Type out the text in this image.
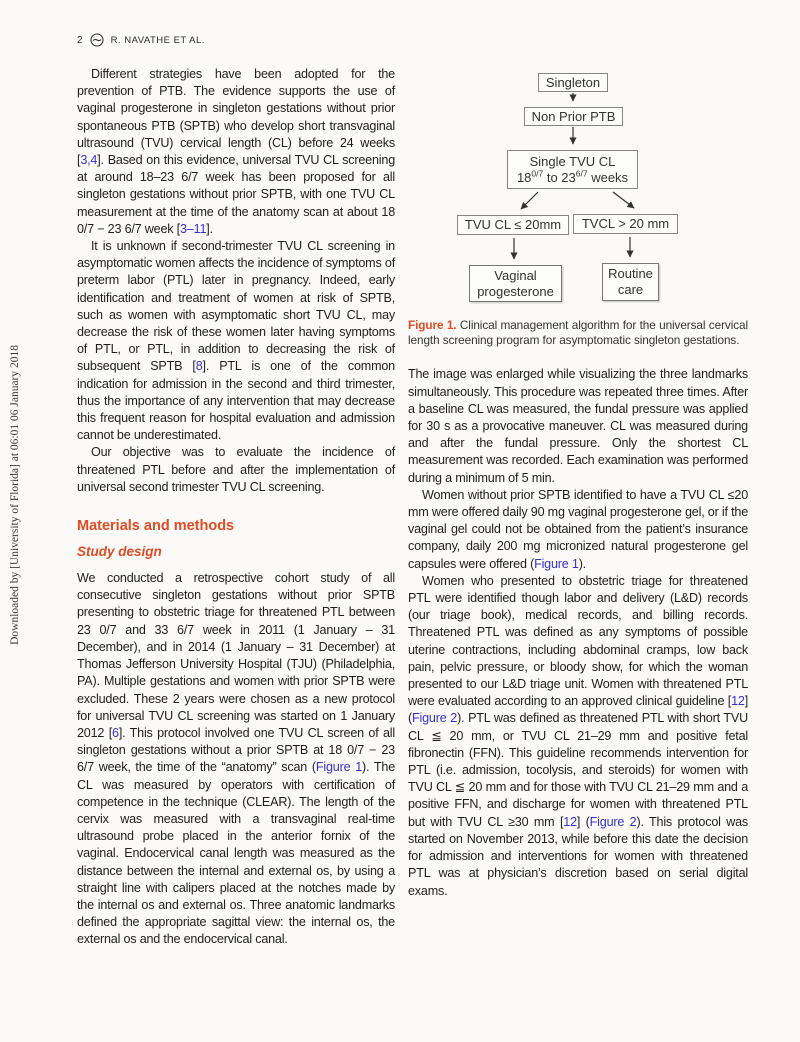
2	R. NAVATHE ET AL.
Downloaded by [University of Florida] at 06:01 06 January 2018

Different strategies have been adopted for the prevention of PTB. The evidence supports the use of vaginal progesterone in singleton gestations without prior spontaneous PTB (SPTB) who develop short transvaginal ultrasound (TVU) cervical length (CL) before 24 weeks [3,4]. Based on this evidence, universal TVU CL screening at around 18–23 6/7 week has been proposed for all singleton gestations without prior SPTB, with one TVU CL measurement at the time of the anatomy scan at about 18 0/7 − 23 6/7 week [3–11].

It is unknown if second-trimester TVU CL screening in asymptomatic women affects the incidence of symptoms of preterm labor (PTL) later in pregnancy. Indeed, early identification and treatment of women at risk of SPTB, such as women with asymptomatic short TVU CL, may decrease the risk of these women later having symptoms of PTL, or PTL, in addition to decreasing the risk of subsequent SPTB [8]. PTL is one of the common indication for admission in the second and third trimester, thus the importance of any intervention that may decrease this frequent reason for hospital evaluation and admission cannot be underestimated.

Our objective was to evaluate the incidence of threatened PTL before and after the implementation of universal second trimester TVU CL screening.

Materials and methods
Study design

We conducted a retrospective cohort study of all consecutive singleton gestations without prior SPTB presenting to obstetric triage for threatened PTL between 23 0/7 and 33 6/7 week in 2011 (1 January – 31 December), and in 2014 (1 January – 31 December) at Thomas Jefferson University Hospital (TJU) (Philadelphia, PA). Multiple gestations and women with prior SPTB were excluded. These 2 years were chosen as a new protocol for universal TVU CL screening was started on 1 January 2012 [6]. This protocol involved one TVU CL screen of all singleton gestations without a prior SPTB at 18 0/7 − 23 6/7 week, the time of the “anatomy” scan (Figure 1). The CL was measured by operators with certification of competence in the technique (CLEAR). The length of the cervix was measured with a transvaginal real-time ultrasound probe placed in the anterior fornix of the vaginal. Endocervical canal length was measured as the distance between the internal and external os, by using a straight line with calipers placed at the notches made by the internal os and external os. Three anatomic landmarks defined the appropriate sagittal view: the internal os, the external os and the endocervical canal.

Singleton
Non Prior PTB
Single TVU CL
$18^{0/7}$ to $23^{6/7}$ weeks
TVU CL ≤ 20mm TVCL > 20 mm
Vaginal
progesterone
Routine
care

Figure 1. Clinical management algorithm for the universal cervical length screening program for asymptomatic singleton gestations.

The image was enlarged while visualizing the three landmarks simultaneously. This procedure was repeated three times. After a baseline CL was measured, the fundal pressure was applied for 30 s as a provocative maneuver. CL was measured during and after the fundal pressure. Only the shortest CL measurement was recorded. Each examination was performed during a minimum of 5 min.

Women without prior SPTB identified to have a TVU CL ≤20 mm were offered daily 90 mg vaginal progesterone gel, or if the vaginal gel could not be obtained from the patient’s insurance company, daily 200 mg micronized natural progesterone gel capsules were offered (Figure 1).

Women who presented to obstetric triage for threatened PTL were identified though labor and delivery (L&D) records (our triage book), medical records, and billing records. Threatened PTL was defined as any symptoms of possible uterine contractions, including abdominal cramps, low back pain, pelvic pressure, or bloody show, for which the woman presented to our L&D triage unit. Women with threatened PTL were evaluated according to an approved clinical guideline [12] (Figure 2). PTL was defined as threatened PTL with short TVU CL ≦ 20 mm, or TVU CL 21–29 mm and positive fetal fibronectin (FFN). This guideline recommends intervention for PTL (i.e. admission, tocolysis, and steroids) for women with TVU CL ≦ 20 mm and for those with TVU CL 21–29 mm and a positive FFN, and discharge for women with threatened PTL but with TVU CL ≥30 mm [12] (Figure 2). This protocol was started on November 2013, while before this date the decision for admission and interventions for women with threatened PTL was at physician’s discretion based on serial digital exams.
